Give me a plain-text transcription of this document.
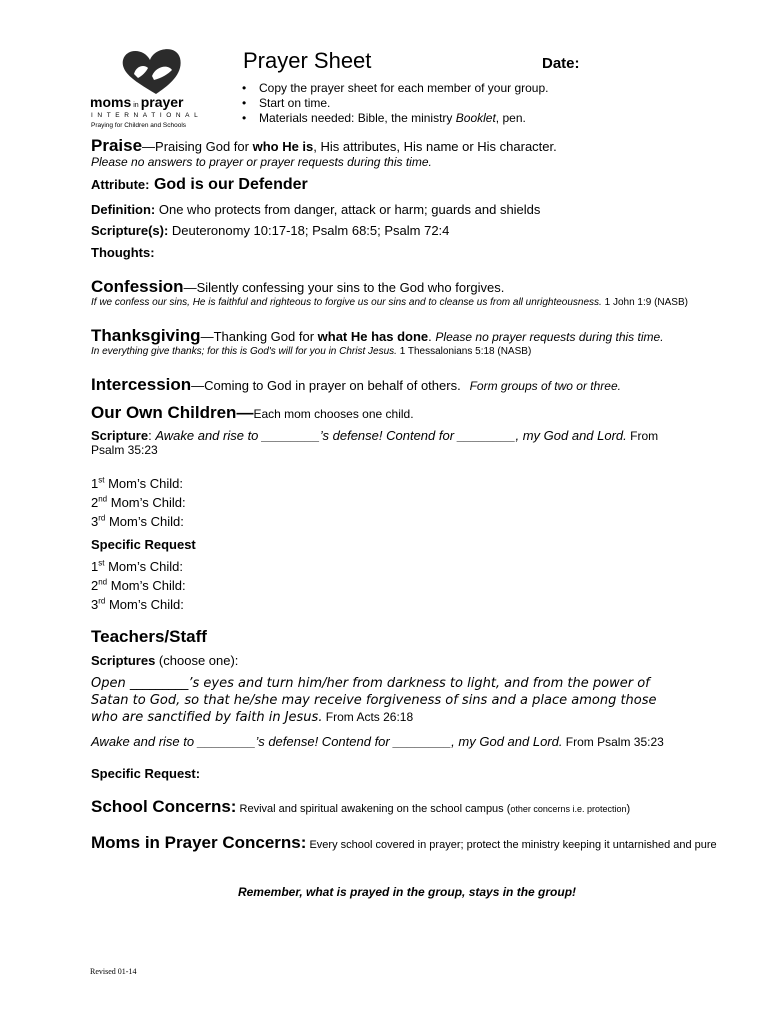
moms in prayer
INTERNATIONAL
Praying for Children and Schools
Prayer Sheet	Date:
• Copy the prayer sheet for each member of your group.
• Start on time.
• Materials needed: Bible, the ministry Booklet, pen.
Praise—Praising God for who He is, His attributes, His name or His character.
Please no answers to prayer or prayer requests during this time.
Attribute: God is our Defender
Definition: One who protects from danger, attack or harm; guards and shields
Scripture(s): Deuteronomy 10:17-18; Psalm 68:5; Psalm 72:4
Thoughts:
Confession—Silently confessing your sins to the God who forgives.
If we confess our sins, He is faithful and righteous to forgive us our sins and to cleanse us from all unrighteousness. 1 John 1:9 (NASB)
Thanksgiving—Thanking God for what He has done. Please no prayer requests during this time.
In everything give thanks; for this is God's will for you in Christ Jesus. 1 Thessalonians 5:18 (NASB)
Intercession—Coming to God in prayer on behalf of others. Form groups of two or three.
Our Own Children—Each mom chooses one child.
Scripture: Awake and rise to ________’s defense! Contend for ________, my God and Lord. From
Psalm 35:23
1st Mom’s Child:
2nd Mom’s Child:
3rd Mom’s Child:
Specific Request
1st Mom’s Child:
2nd Mom’s Child:
3rd Mom’s Child:
Teachers/Staff
Scriptures (choose one):
Open _________’s eyes and turn him/her from darkness to light, and from the power of
Satan to God, so that he/she may receive forgiveness of sins and a place among those
who are sanctified by faith in Jesus. From Acts 26:18
Awake and rise to ________’s defense! Contend for ________, my God and Lord. From Psalm 35:23
Specific Request:
School Concerns: Revival and spiritual awakening on the school campus (other concerns i.e. protection)
Moms in Prayer Concerns: Every school covered in prayer; protect the ministry keeping it untarnished and pure
Remember, what is prayed in the group, stays in the group!
Revised 01-14
